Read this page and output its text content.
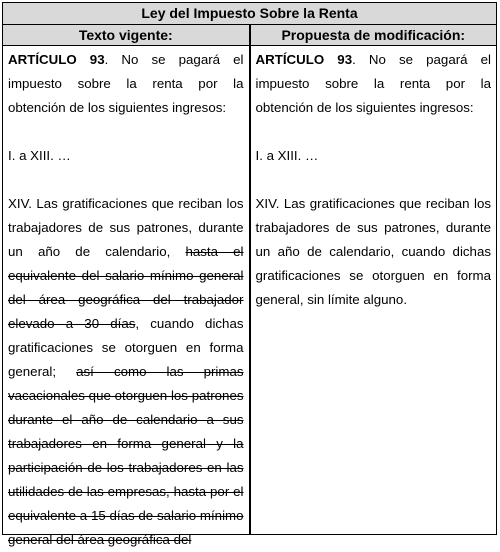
Ley del Impuesto Sobre la Renta
Texto vigente:	Propuesta de modificación:

ARTÍCULO 93. No se pagará el impuesto sobre la renta por la obtención de los siguientes ingresos:

I. a XIII. …

XIV. Las gratificaciones que reciban los trabajadores de sus patrones, durante un año de calendario, hasta el equivalente del salario mínimo general del área geográfica del trabajador elevado a 30 días, cuando dichas gratificaciones se otorguen en forma general; así como las primas vacacionales que otorguen los patrones durante el año de calendario a sus trabajadores en forma general y la participación de los trabajadores en las utilidades de las empresas, hasta por el equivalente a 15 días de salario mínimo general del área geográfica del

ARTÍCULO 93. No se pagará el impuesto sobre la renta por la obtención de los siguientes ingresos:

I. a XIII. …

XIV. Las gratificaciones que reciban los trabajadores de sus patrones, durante un año de calendario, cuando dichas gratificaciones se otorguen en forma general, sin límite alguno.
